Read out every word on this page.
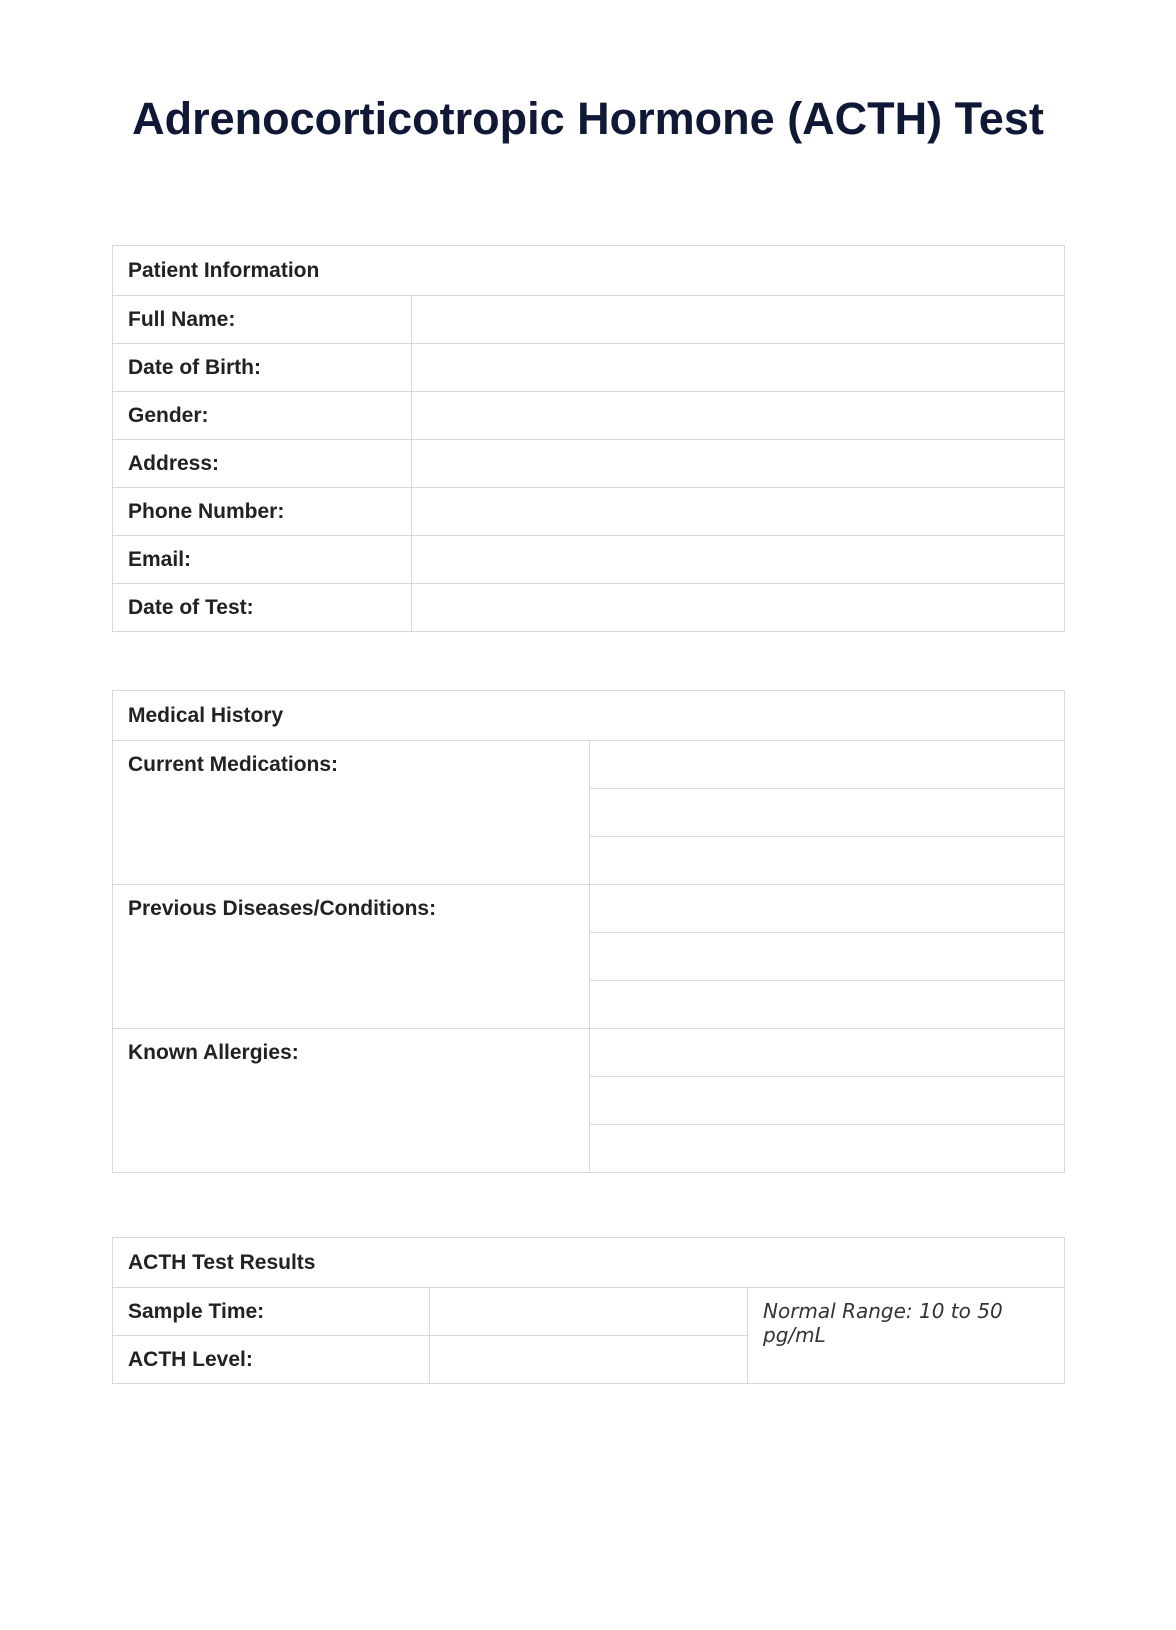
Adrenocorticotropic Hormone (ACTH) Test
Patient Information	
Full Name:	
Date of Birth:	
Gender:	
Address:	
Phone Number:	
Email:	
Date of Test:	
Medical History	
Current Medications:	

Previous Diseases/Conditions:	

Known Allergies:	

ACTH Test Results		
Sample Time:		Normal Range: 10 to 50 pg/mL
ACTH Level:		
